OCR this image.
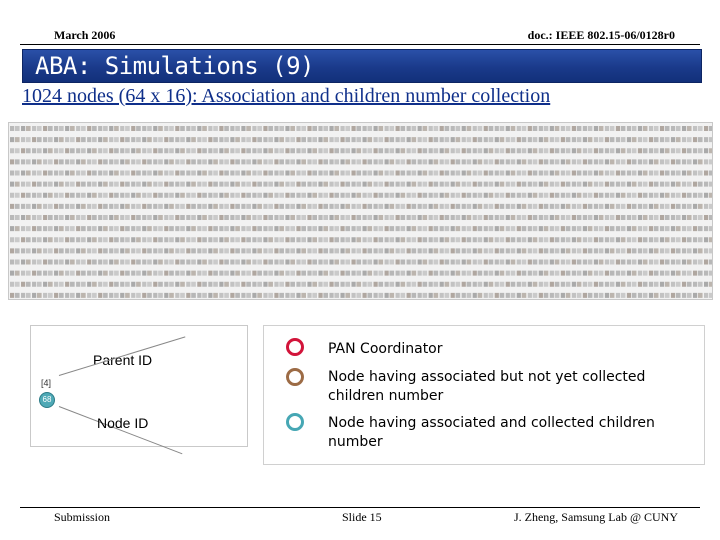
March 2006	doc.: IEEE 802.15-06/0128r0
ABA: Simulations (9)
1024 nodes (64 x 16): Association and children number collection
Parent ID
[4]
68
Node ID
PAN Coordinator
Node having associated but not yet collected children number
Node having associated and collected children number
Submission	Slide 15	J. Zheng, Samsung Lab @ CUNY
